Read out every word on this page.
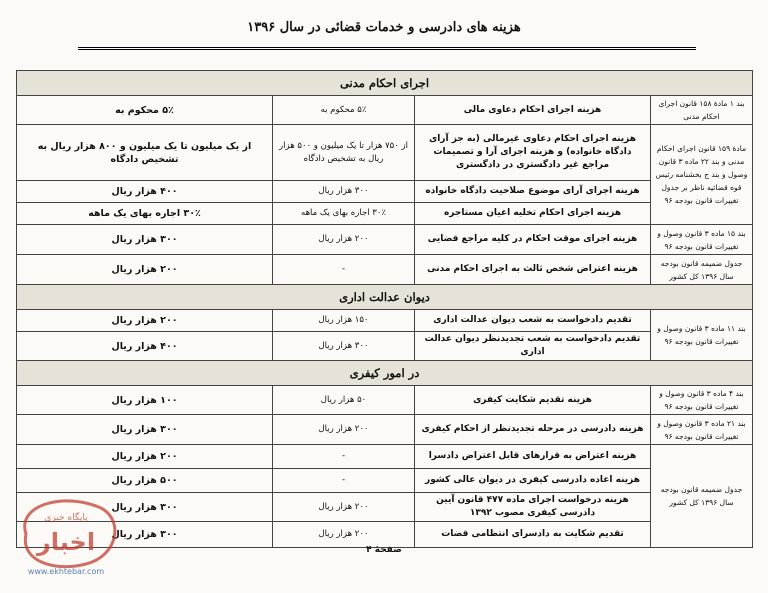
هزینه های دادرسی و خدمات قضائی در سال ۱۳۹۶
اجرای احکام مدنی			
بند ۱ مادهٔ ۱۵۸ قانون اجرای احکام مدنی	هزینه اجرای احکام دعاوی مالی	۵٪ محکوم به	۵٪ محکوم به
مادهٔ ۱۵۹ قانون اجرای احکام مدنی و بند ۲۲ ماده ۳ قانون وصول و بند ج بخشنامه رئیس قوه قضائیه ناظر بر جدول تغییرات قانون بودجه ۹۶	هزینه اجرای احکام دعاوی غیرمالی (به جز آرای دادگاه خانواده) و هزینه اجرای آرا و تصمیمات مراجع غیر دادگستری در دادگستری	از ۷۵۰ هزار تا یک میلیون و ۵۰۰ هزار ریال به تشخیص دادگاه	از یک میلیون تا یک میلیون و ۸۰۰ هزار ریال به تشخیص دادگاه
	هزینه اجرای آرای موضوع صلاحیت دادگاه خانواده	۳۰۰ هزار ریال	۴۰۰ هزار ریال
	هزینه اجرای احکام تخلیه اعیان مستاجره	۳۰٪ اجاره بهای یک ماهه	۳۰٪ اجاره بهای یک ماهه
بند ۱۵ ماده ۳ قانون وصول و تغییرات قانون بودجه ۹۶	هزینه اجرای موقت احکام در کلیه مراجع قضایی	۲۰۰ هزار ریال	۳۰۰ هزار ریال
جدول ضمیمه قانون بودجه سال ۱۳۹۶ کل کشور	هزینه اعتراض شخص ثالث به اجرای احکام مدنی	-	۲۰۰ هزار ریال
دیوان عدالت اداری			
بند ۱۱ ماده ۳ قانون وصول و تغییرات قانون بودجه ۹۶	تقدیم دادخواست به شعب دیوان عدالت اداری	۱۵۰ هزار ریال	۲۰۰ هزار ریال
	تقدیم دادخواست به شعب تجدیدنظر دیوان عدالت اداری	۳۰۰ هزار ریال	۴۰۰ هزار ریال
در امور کیفری			
بند ۴ ماده ۳ قانون وصول و تغییرات قانون بودجه ۹۶	هزینه تقدیم شکایت کیفری	۵۰ هزار ریال	۱۰۰ هزار ریال
بند ۲۱ ماده ۳ قانون وصول و تغییرات قانون بودجه ۹۶	هزینه دادرسی در مرحله تجدیدنظر از احکام کیفری	۲۰۰ هزار ریال	۳۰۰ هزار ریال
جدول ضمیمه قانون بودجه سال ۱۳۹۶ کل کشور	هزینه اعتراض به قرارهای قابل اعتراض دادسرا	-	۲۰۰ هزار ریال
	هزینه اعاده دادرسی کیفری در دیوان عالی کشور	-	۵۰۰ هزار ریال
	هزینه درخواست اجرای ماده ۴۷۷ قانون آیین دادرسی کیفری مصوب ۱۳۹۲	۲۰۰ هزار ریال	۳۰۰ هزار ریال
	تقدیم شکایت به دادسرای انتظامی قضات	۲۰۰ هزار ریال	۳۰۰ هزار ریال
صفحهٔ ۴
پایگاه خبری
اخبار
www.ekhtebar.com
